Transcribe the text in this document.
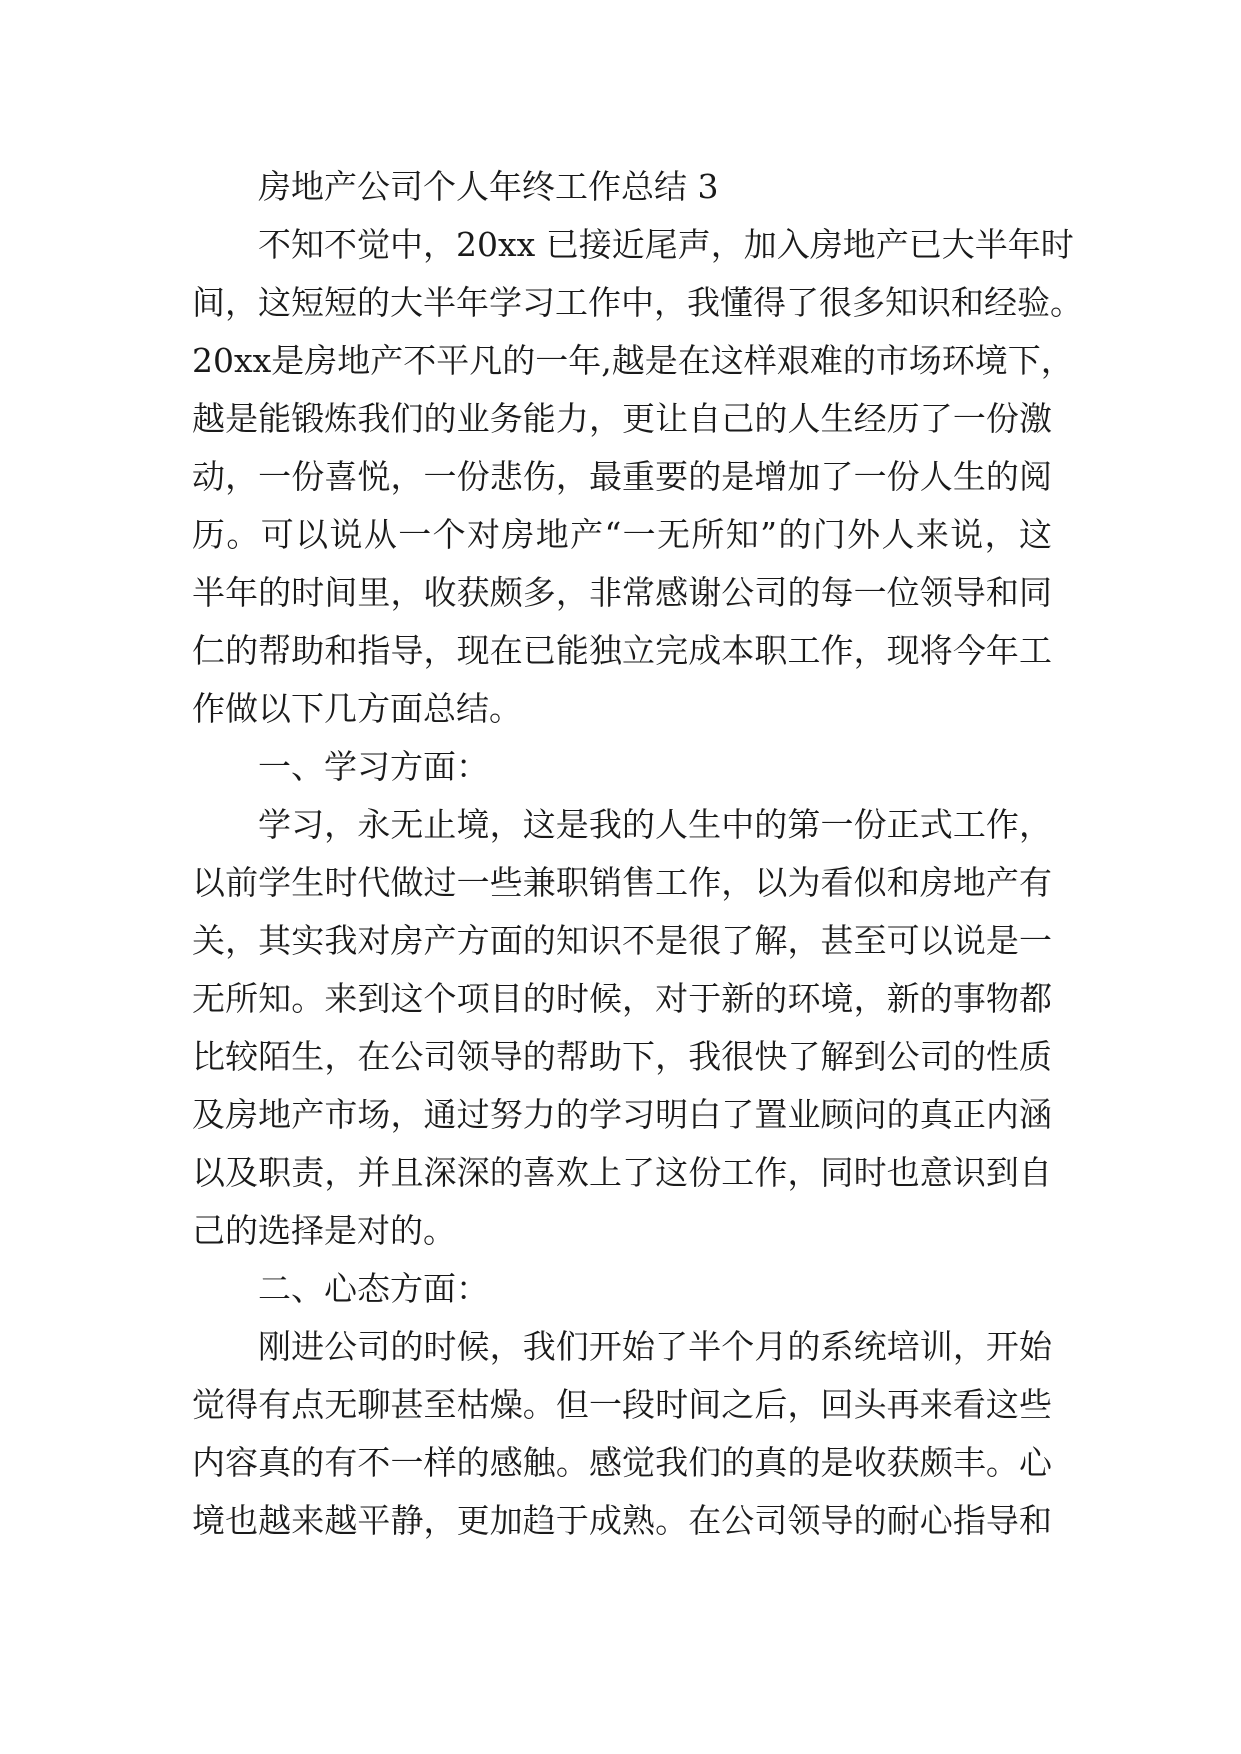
房地产公司个人年终工作总结 3
不知不觉中，20xx 已接近尾声，加入房地产已大半年时
间，这短短的大半年学习工作中，我懂得了很多知识和经验。
20xx是房地产不平凡的一年,越是在这样艰难的市场环境下，
越是能锻炼我们的业务能力，更让自己的人生经历了一份激
动，一份喜悦，一份悲伤，最重要的是增加了一份人生的阅
历。可以说从一个对房地产“一无所知”的门外人来说，这
半年的时间里，收获颇多，非常感谢公司的每一位领导和同
仁的帮助和指导，现在已能独立完成本职工作，现将今年工
作做以下几方面总结。
一、学习方面：
学习，永无止境，这是我的人生中的第一份正式工作，
以前学生时代做过一些兼职销售工作，以为看似和房地产有
关，其实我对房产方面的知识不是很了解，甚至可以说是一
无所知。来到这个项目的时候，对于新的环境，新的事物都
比较陌生，在公司领导的帮助下，我很快了解到公司的性质
及房地产市场，通过努力的学习明白了置业顾问的真正内涵
以及职责，并且深深的喜欢上了这份工作，同时也意识到自
己的选择是对的。
二、心态方面：
刚进公司的时候，我们开始了半个月的系统培训，开始
觉得有点无聊甚至枯燥。但一段时间之后，回头再来看这些
内容真的有不一样的感触。感觉我们的真的是收获颇丰。心
境也越来越平静，更加趋于成熟。在公司领导的耐心指导和
